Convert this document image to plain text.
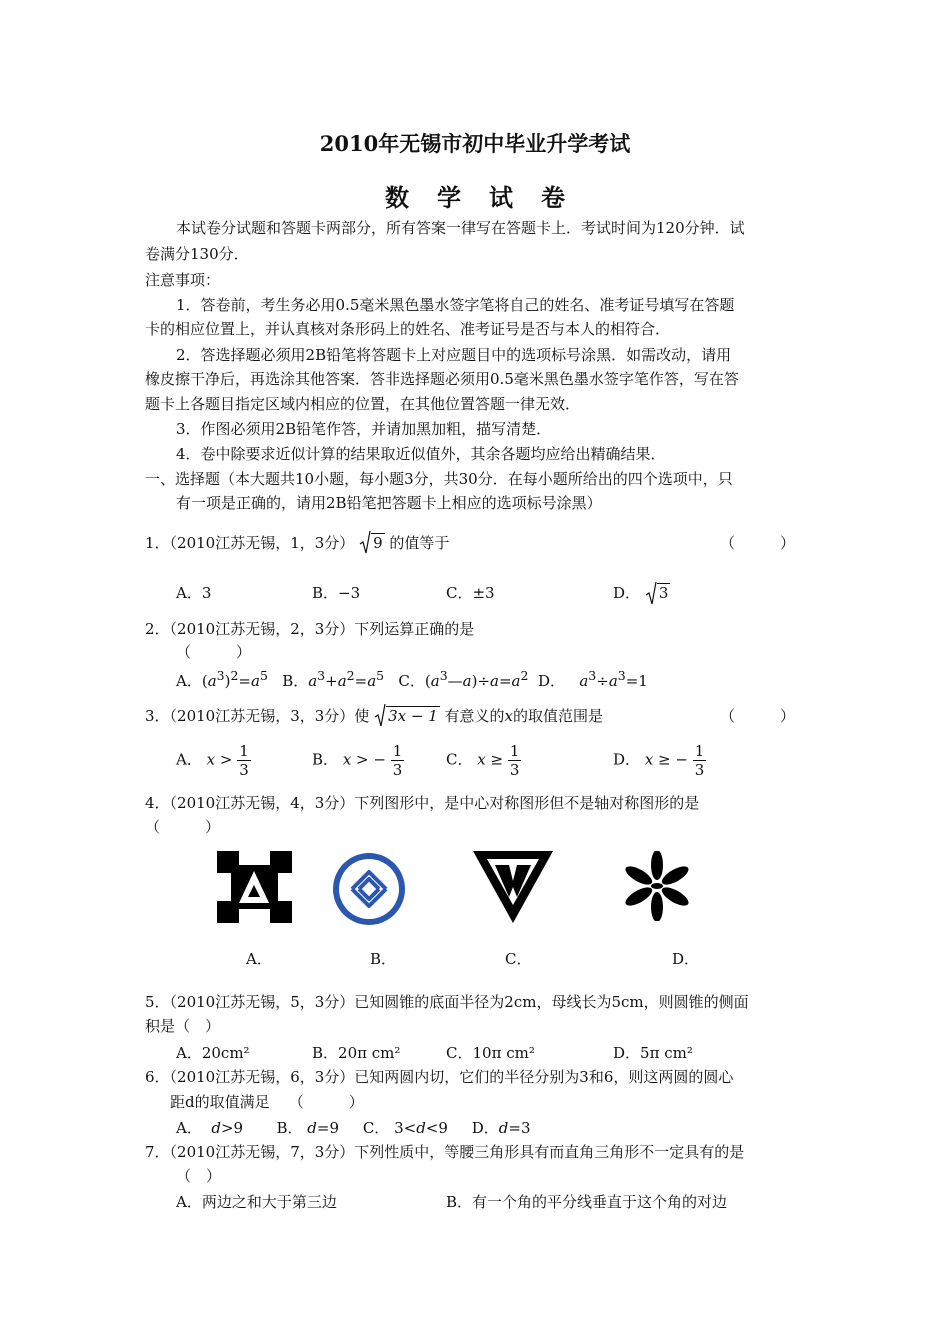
2010年无锡市初中毕业升学考试
数学试卷
本试卷分试题和答题卡两部分，所有答案一律写在答题卡上．考试时间为120分钟．试
卷满分130分．
注意事项：
1．答卷前，考生务必用0.5毫米黑色墨水签字笔将自己的姓名、准考证号填写在答题
卡的相应位置上，并认真核对条形码上的姓名、准考证号是否与本人的相符合．
2．答选择题必须用2B铅笔将答题卡上对应题目中的选项标号涂黑．如需改动，请用
橡皮擦干净后，再选涂其他答案．答非选择题必须用0.5毫米黑色墨水签字笔作答，写在答
题卡上各题目指定区域内相应的位置，在其他位置答题一律无效．
3．作图必须用2B铅笔作答，并请加黑加粗，描写清楚．
4．卷中除要求近似计算的结果取近似值外，其余各题均应给出精确结果．
一、选择题（本大题共10小题，每小题3分，共30分．在每小题所给出的四个选项中，只
有一项是正确的，请用2B铅笔把答题卡上相应的选项标号涂黑）
1．（2010江苏无锡，1，3分） 9 的值等于	（　　　）
A．3	B．−3	C．±3	D． 3
2．（2010江苏无锡，2，3分）下列运算正确的是
（　　　）
A．$(a^3)^2=a^5$   B．$a^3+a^2=a^5$   C．$(a^3—a)\div a=a^2$  D．   $a^3\div a^3=1$
3．（2010江苏无锡，3，3分）使 3x − 1 有意义的x的取值范围是	（　　　）
A． $x > \frac{1}{3}$	B． x > − $\frac{1}{3}$	C． $x \ge \frac{1}{3}$	D． x ≥ − $\frac{1}{3}$
4．（2010江苏无锡，4，3分）下列图形中，是中心对称图形但不是轴对称图形的是
（　　　）
A．	B．	C．	D．
5．（2010江苏无锡，5，3分）已知圆锥的底面半径为2cm，母线长为5cm，则圆锥的侧面
积是（　）
A．20cm²	B．20π cm²	C．10π cm²	D．5π cm²
6．（2010江苏无锡，6，3分）已知两圆内切，它们的半径分别为3和6，则这两圆的圆心
距d的取值满足 （　　　）
A．  d>9       B． d=9     C． 3<d<9     D．d=3
7．（2010江苏无锡，7，3分）下列性质中，等腰三角形具有而直角三角形不一定具有的是
（　）
A．两边之和大于第三边	B．有一个角的平分线垂直于这个角的对边
